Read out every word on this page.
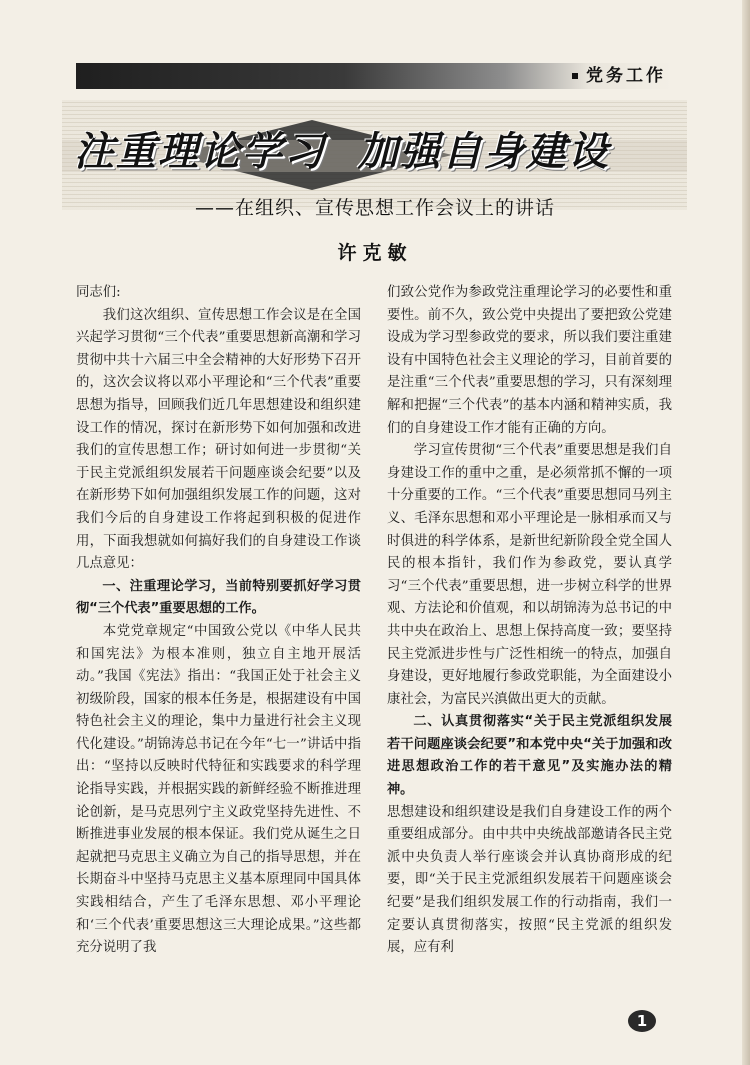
党务工作
注重理论学习  加强自身建设
——在组织、宣传思想工作会议上的讲话
许克敏

同志们:

我们这次组织、宣传思想工作会议是在全国兴起学习贯彻“三个代表”重要思想新高潮和学习贯彻中共十六届三中全会精神的大好形势下召开的，这次会议将以邓小平理论和“三个代表”重要思想为指导，回顾我们近几年思想建设和组织建设工作的情况，探讨在新形势下如何加强和改进我们的宣传思想工作；研讨如何进一步贯彻“关于民主党派组织发展若干问题座谈会纪要”以及在新形势下如何加强组织发展工作的问题，这对我们今后的自身建设工作将起到积极的促进作用，下面我想就如何搞好我们的自身建设工作谈几点意见：

一、注重理论学习，当前特别要抓好学习贯彻“三个代表”重要思想的工作。

本党党章规定“中国致公党以《中华人民共和国宪法》为根本准则，独立自主地开展活动。”我国《宪法》指出：“我国正处于社会主义初级阶段，国家的根本任务是，根据建设有中国特色社会主义的理论，集中力量进行社会主义现代化建设。”胡锦涛总书记在今年“七一”讲话中指出：“坚持以反映时代特征和实践要求的科学理论指导实践，并根据实践的新鲜经验不断推进理论创新，是马克思列宁主义政党坚持先进性、不断推进事业发展的根本保证。我们党从诞生之日起就把马克思主义确立为自己的指导思想，并在长期奋斗中坚持马克思主义基本原理同中国具体实践相结合，产生了毛泽东思想、邓小平理论和‘三个代表’重要思想这三大理论成果。”这些都充分说明了我

们致公党作为参政党注重理论学习的必要性和重要性。前不久，致公党中央提出了要把致公党建设成为学习型参政党的要求，所以我们要注重建设有中国特色社会主义理论的学习，目前首要的是注重“三个代表”重要思想的学习，只有深刻理解和把握“三个代表”的基本内涵和精神实质，我们的自身建设工作才能有正确的方向。

学习宣传贯彻“三个代表”重要思想是我们自身建设工作的重中之重，是必须常抓不懈的一项十分重要的工作。“三个代表”重要思想同马列主义、毛泽东思想和邓小平理论是一脉相承而又与时俱进的科学体系，是新世纪新阶段全党全国人民的根本指针，我们作为参政党，要认真学习“三个代表”重要思想，进一步树立科学的世界观、方法论和价值观，和以胡锦涛为总书记的中共中央在政治上、思想上保持高度一致；要坚持民主党派进步性与广泛性相统一的特点，加强自身建设，更好地履行参政党职能，为全面建设小康社会，为富民兴滇做出更大的贡献。

二、认真贯彻落实“关于民主党派组织发展若干问题座谈会纪要”和本党中央“关于加强和改进思想政治工作的若干意见”及实施办法的精神。

思想建设和组织建设是我们自身建设工作的两个重要组成部分。由中共中央统战部邀请各民主党派中央负责人举行座谈会并认真协商形成的纪要，即“关于民主党派组织发展若干问题座谈会纪要”是我们组织发展工作的行动指南，我们一定要认真贯彻落实，按照“民主党派的组织发展，应有利

1
